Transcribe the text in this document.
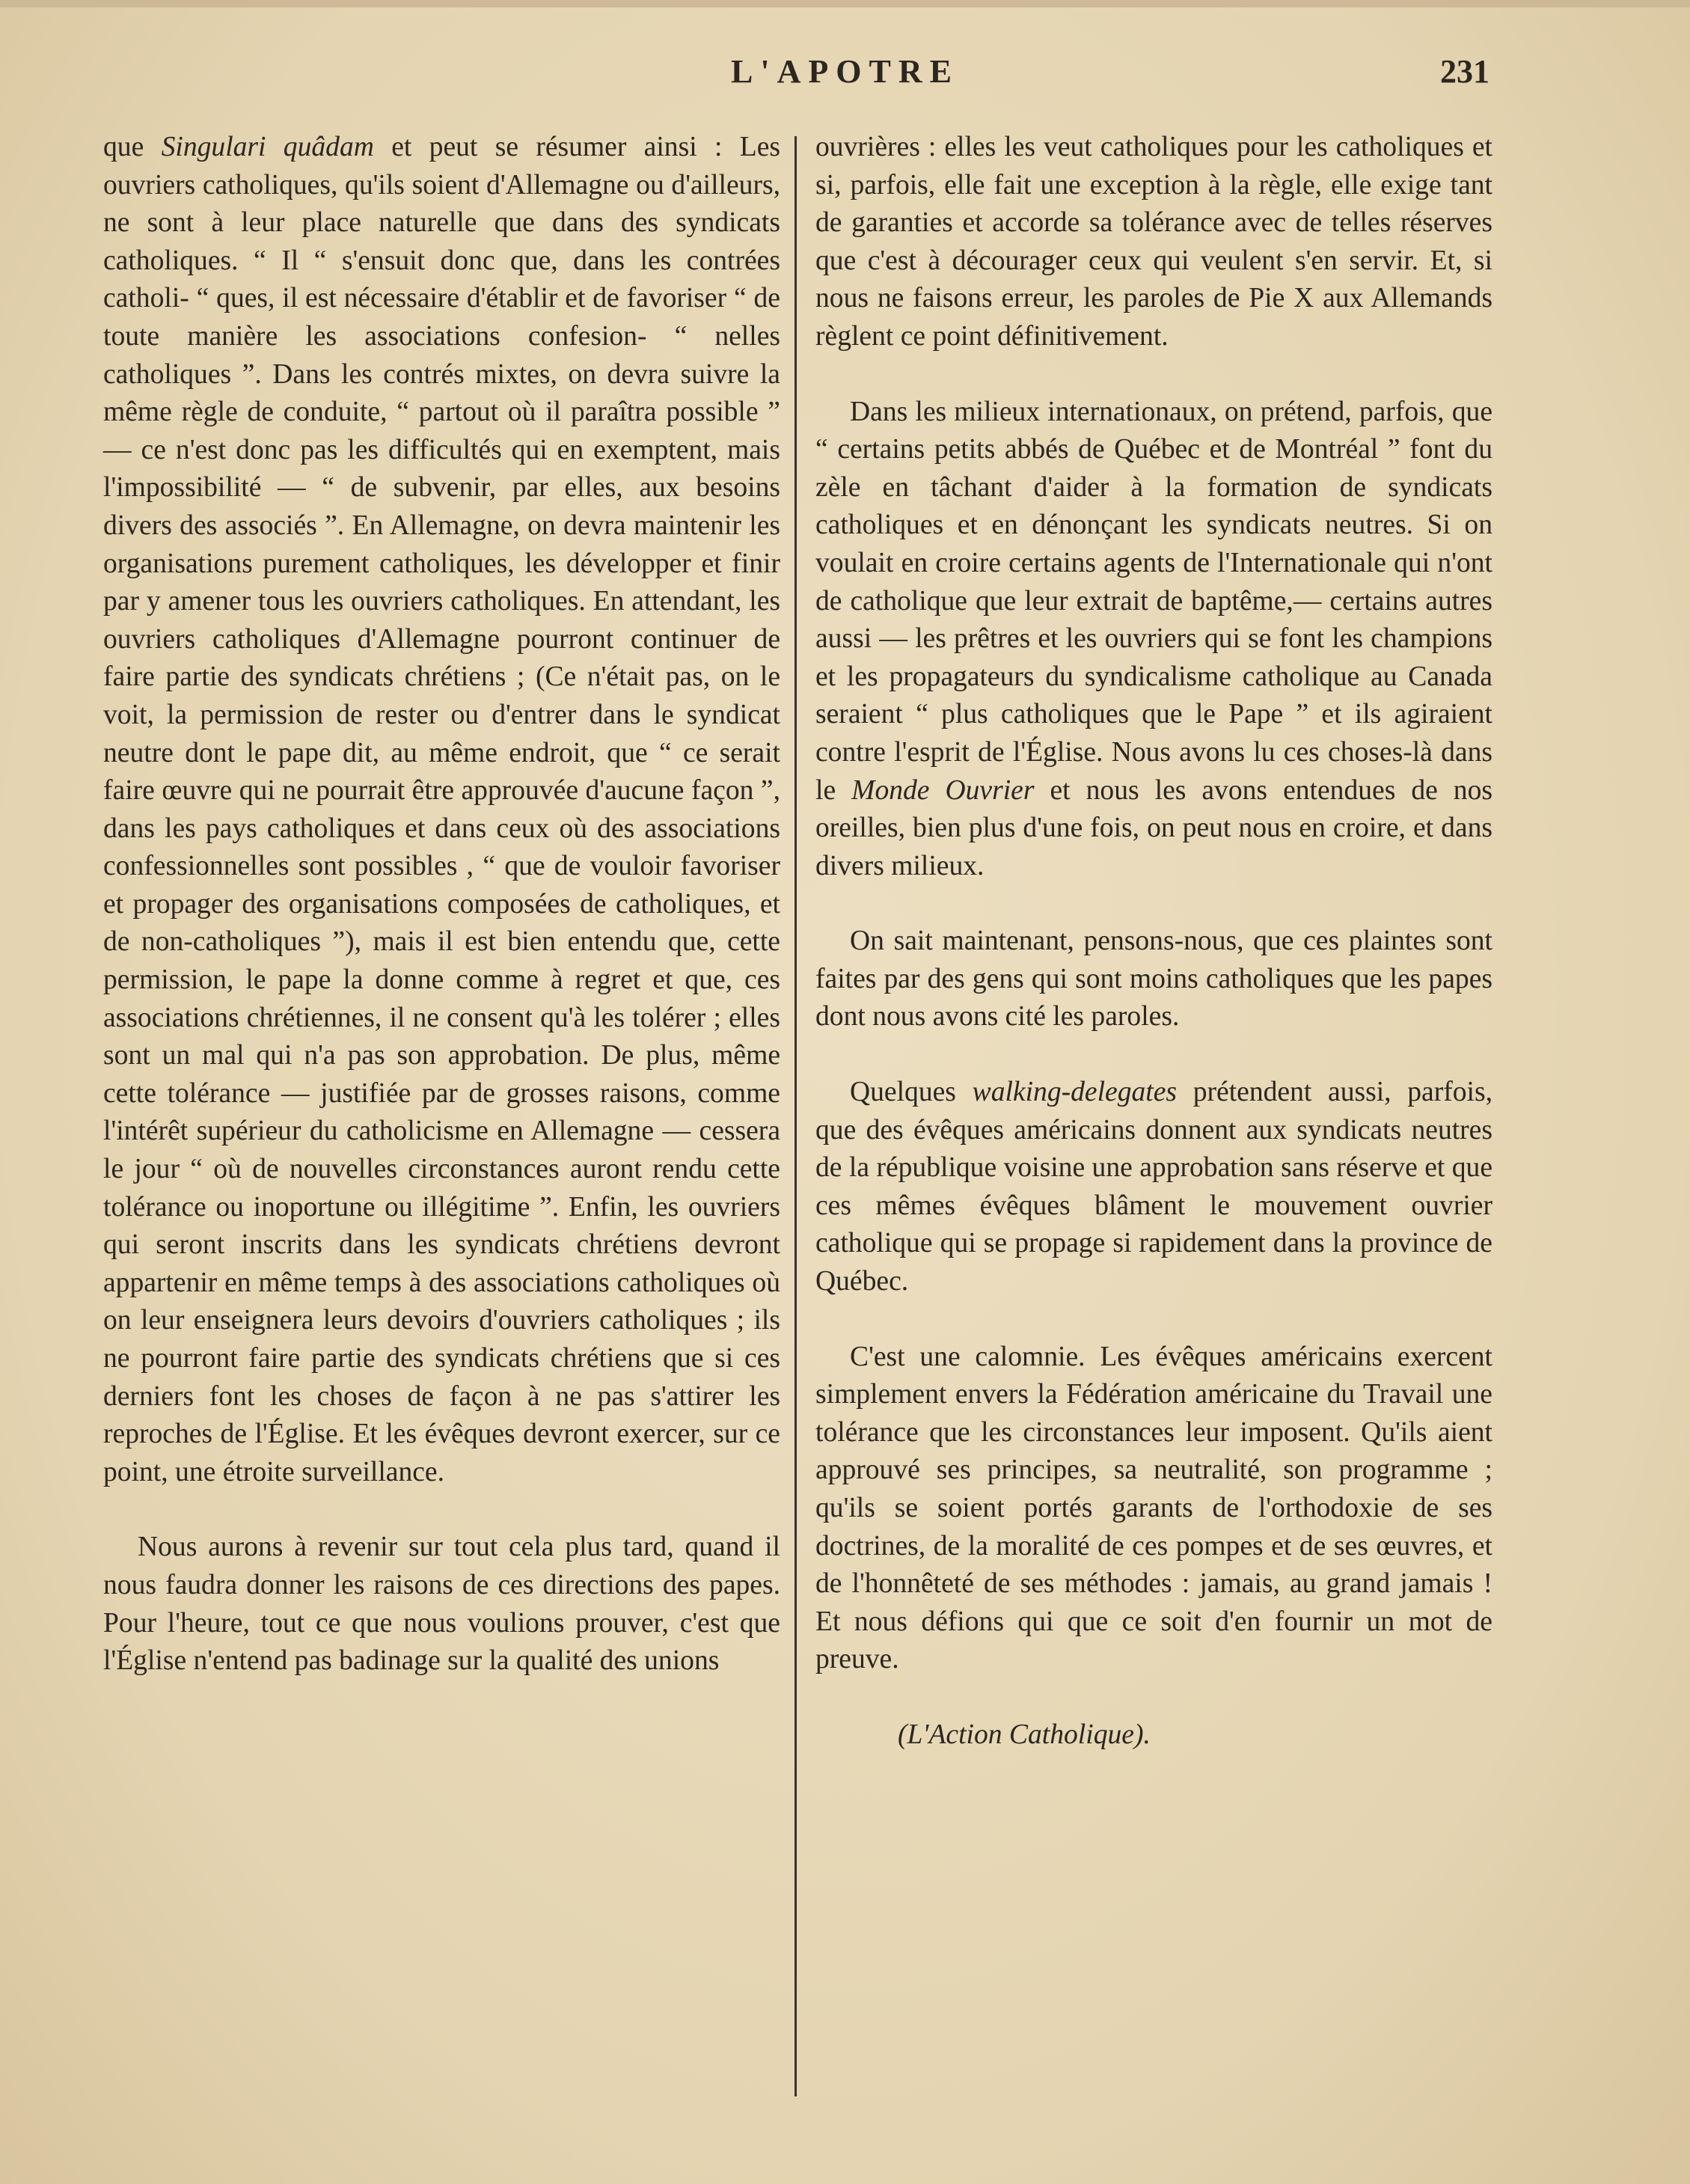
L'APOTRE	231

que Singulari quâdam et peut se résumer ainsi : Les ouvriers catholiques, qu'ils soient d'Allemagne ou d'ailleurs, ne sont à leur place naturelle que dans des syndicats catholiques. “ Il “ s'ensuit donc que, dans les contrées catholi- “ ques, il est nécessaire d'établir et de favoriser “ de toute manière les associations confesion- “ nelles catholiques ”. Dans les contrés mixtes, on devra suivre la même règle de conduite, “ partout où il paraîtra possible ” — ce n'est donc pas les difficultés qui en exemptent, mais l'impossibilité — “ de subvenir, par elles, aux besoins divers des associés ”. En Allemagne, on devra maintenir les organisations purement catholiques, les développer et finir par y amener tous les ouvriers catholiques. En attendant, les ouvriers catholiques d'Allemagne pourront continuer de faire partie des syndicats chrétiens ; (Ce n'était pas, on le voit, la permission de rester ou d'entrer dans le syndicat neutre dont le pape dit, au même endroit, que “ ce serait faire œuvre qui ne pourrait être approuvée d'aucune façon ”, dans les pays catholiques et dans ceux où des associations confessionnelles sont possibles , “ que de vouloir favoriser et propager des organisations composées de catholiques, et de non-catholiques ”), mais il est bien entendu que, cette permission, le pape la donne comme à regret et que, ces associations chrétiennes, il ne consent qu'à les tolérer ; elles sont un mal qui n'a pas son approbation. De plus, même cette tolérance — justifiée par de grosses raisons, comme l'intérêt supérieur du catholicisme en Allemagne — cessera le jour “ où de nouvelles circonstances auront rendu cette tolérance ou inoportune ou illégitime ”. Enfin, les ouvriers qui seront inscrits dans les syndicats chrétiens devront appartenir en même temps à des associations catholiques où on leur enseignera leurs devoirs d'ouvriers catholiques ; ils ne pourront faire partie des syndicats chrétiens que si ces derniers font les choses de façon à ne pas s'attirer les reproches de l'Église. Et les évêques devront exercer, sur ce point, une étroite surveillance.

Nous aurons à revenir sur tout cela plus tard, quand il nous faudra donner les raisons de ces directions des papes. Pour l'heure, tout ce que nous voulions prouver, c'est que l'Église n'entend pas badinage sur la qualité des unions

ouvrières : elles les veut catholiques pour les catholiques et si, parfois, elle fait une exception à la règle, elle exige tant de garanties et accorde sa tolérance avec de telles réserves que c'est à décourager ceux qui veulent s'en servir. Et, si nous ne faisons erreur, les paroles de Pie X aux Allemands règlent ce point définitivement.

Dans les milieux internationaux, on prétend, parfois, que “ certains petits abbés de Québec et de Montréal ” font du zèle en tâchant d'aider à la formation de syndicats catholiques et en dénonçant les syndicats neutres. Si on voulait en croire certains agents de l'Internationale qui n'ont de catholique que leur extrait de baptême,— certains autres aussi — les prêtres et les ouvriers qui se font les champions et les propagateurs du syndicalisme catholique au Canada seraient “ plus catholiques que le Pape ” et ils agiraient contre l'esprit de l'Église. Nous avons lu ces choses-là dans le Monde Ouvrier et nous les avons entendues de nos oreilles, bien plus d'une fois, on peut nous en croire, et dans divers milieux.

On sait maintenant, pensons-nous, que ces plaintes sont faites par des gens qui sont moins catholiques que les papes dont nous avons cité les paroles.

Quelques walking-delegates prétendent aussi, parfois, que des évêques américains donnent aux syndicats neutres de la république voisine une approbation sans réserve et que ces mêmes évêques blâment le mouvement ouvrier catholique qui se propage si rapidement dans la province de Québec.

C'est une calomnie. Les évêques américains exercent simplement envers la Fédération américaine du Travail une tolérance que les circonstances leur imposent. Qu'ils aient approuvé ses principes, sa neutralité, son programme ; qu'ils se soient portés garants de l'orthodoxie de ses doctrines, de la moralité de ces pompes et de ses œuvres, et de l'honnêteté de ses méthodes : jamais, au grand jamais ! Et nous défions qui que ce soit d'en fournir un mot de preuve.

(L'Action Catholique).
